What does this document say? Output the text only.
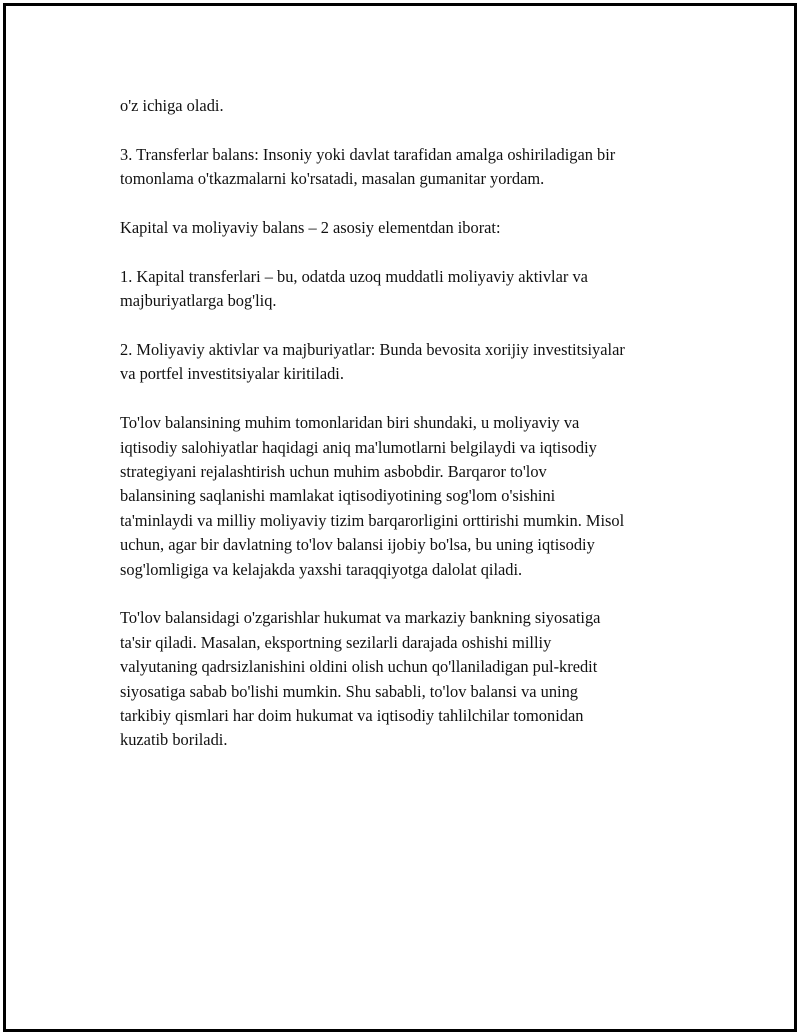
o'z ichiga oladi.

3. Transferlar balans: Insoniy yoki davlat tarafidan amalga oshiriladigan bir
tomonlama o'tkazmalarni ko'rsatadi, masalan gumanitar yordam.

Kapital va moliyaviy balans – 2 asosiy elementdan iborat:

1. Kapital transferlari – bu, odatda uzoq muddatli moliyaviy aktivlar va
majburiyatlarga bog'liq.

2. Moliyaviy aktivlar va majburiyatlar: Bunda bevosita xorijiy investitsiyalar
va portfel investitsiyalar kiritiladi.

To'lov balansining muhim tomonlaridan biri shundaki, u moliyaviy va
iqtisodiy salohiyatlar haqidagi aniq ma'lumotlarni belgilaydi va iqtisodiy
strategiyani rejalashtirish uchun muhim asbobdir. Barqaror to'lov
balansining saqlanishi mamlakat iqtisodiyotining sog'lom o'sishini
ta'minlaydi va milliy moliyaviy tizim barqarorligini orttirishi mumkin. Misol
uchun, agar bir davlatning to'lov balansi ijobiy bo'lsa, bu uning iqtisodiy
sog'lomligiga va kelajakda yaxshi taraqqiyotga dalolat qiladi.

To'lov balansidagi o'zgarishlar hukumat va markaziy bankning siyosatiga
ta'sir qiladi. Masalan, eksportning sezilarli darajada oshishi milliy
valyutaning qadrsizlanishini oldini olish uchun qo'llaniladigan pul-kredit
siyosatiga sabab bo'lishi mumkin. Shu sababli, to'lov balansi va uning
tarkibiy qismlari har doim hukumat va iqtisodiy tahlilchilar tomonidan
kuzatib boriladi.
